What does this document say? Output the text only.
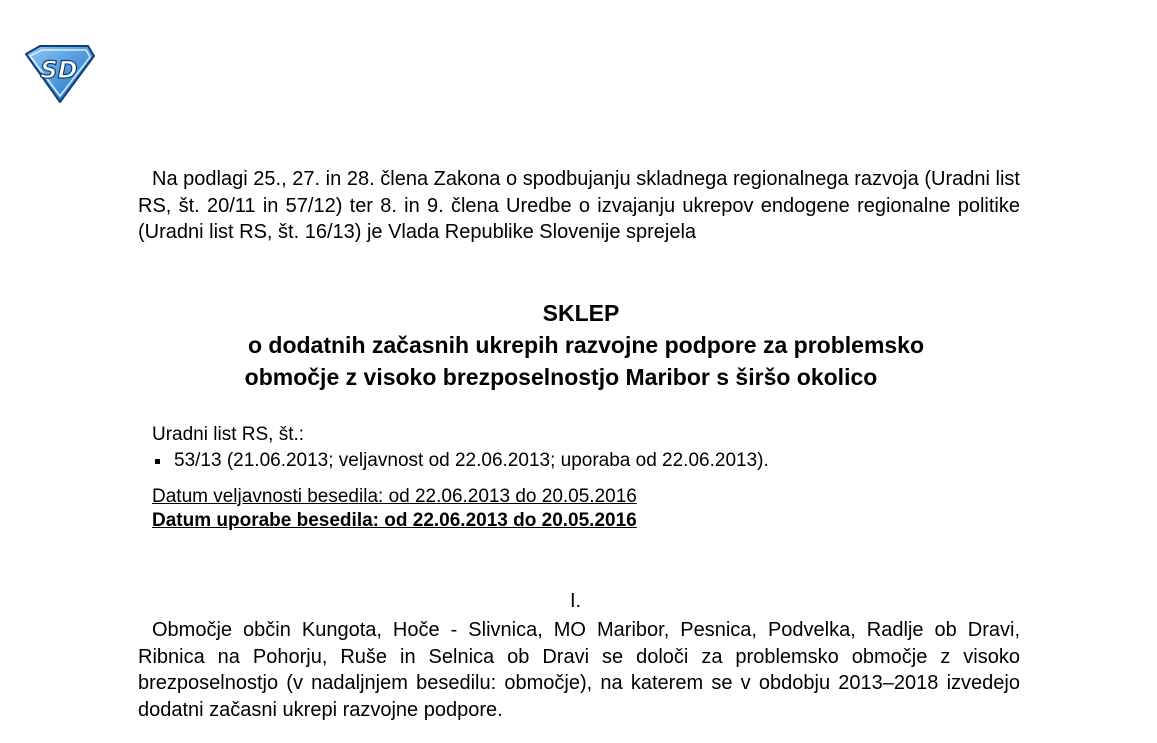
SD

Na podlagi 25., 27. in 28. člena Zakona o spodbujanju skladnega regionalnega razvoja (Uradni list RS, št. 20/11 in 57/12) ter 8. in 9. člena Uredbe o izvajanju ukrepov endogene regionalne politike (Uradni list RS, št. 16/13) je Vlada Republike Slovenije sprejela

SKLEP
o dodatnih začasnih ukrepih razvojne podpore za problemsko
območje z visoko brezposelnostjo Maribor s širšo okolico
Uradni list RS, št.:
53/13 (21.06.2013; veljavnost od 22.06.2013; uporaba od 22.06.2013).
Datum veljavnosti besedila: od 22.06.2013 do 20.05.2016
Datum uporabe besedila: od 22.06.2013 do 20.05.2016
I.

Območje občin Kungota, Hoče - Slivnica, MO Maribor, Pesnica, Podvelka, Radlje ob Dravi, Ribnica na Pohorju, Ruše in Selnica ob Dravi se določi za problemsko območje z visoko brezposelnostjo (v nadaljnjem besedilu: območje), na katerem se v obdobju 2013–2018 izvedejo dodatni začasni ukrepi razvojne podpore.
